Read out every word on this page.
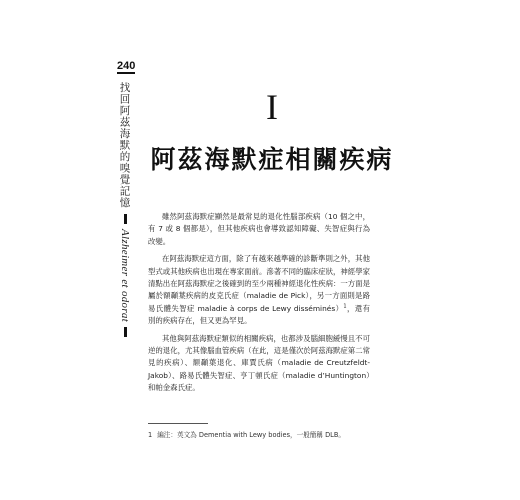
240
找回阿茲海默的嗅覺記憶
Alzheimer et odorat
I
阿茲海默症相關疾病

雖然阿茲海默症顯然是最常見的退化性腦部疾病（10 個之中，有 7 或 8 個都是），但其他疾病也會導致認知障礙、失智症與行為改變。

在阿茲海默症這方面，除了有越來越準確的診斷準則之外，其他型式或其他疾病也出現在專家面前。滲著不同的臨床症狀，神經學家清點出在阿茲海默症之後確到的至少兩種神經退化性疾病：一方面是屬於額顳葉疾病的皮克氏症（maladie de Pick），另一方面則是路易氏體失智症 maladie à corps de Lewy disséminés）$^1$，還有別的疾病存在，但又更為罕見。

其他與阿茲海默症類似的相關疾病，也都涉及腦細胞緩慢且不可逆的退化，尤其像腦血管疾病（在此，這是僅次於阿茲海默症第二常見的疾病）、額顳葉退化、庫賈氏病（maladie de Creutzfeldt-Jakob）、路易氏體失智症、亨丁頓氏症（maladie d’Huntington）和帕金森氏症。

1 編注：英文為 Dementia with Lewy bodies，一般簡稱 DLB。
